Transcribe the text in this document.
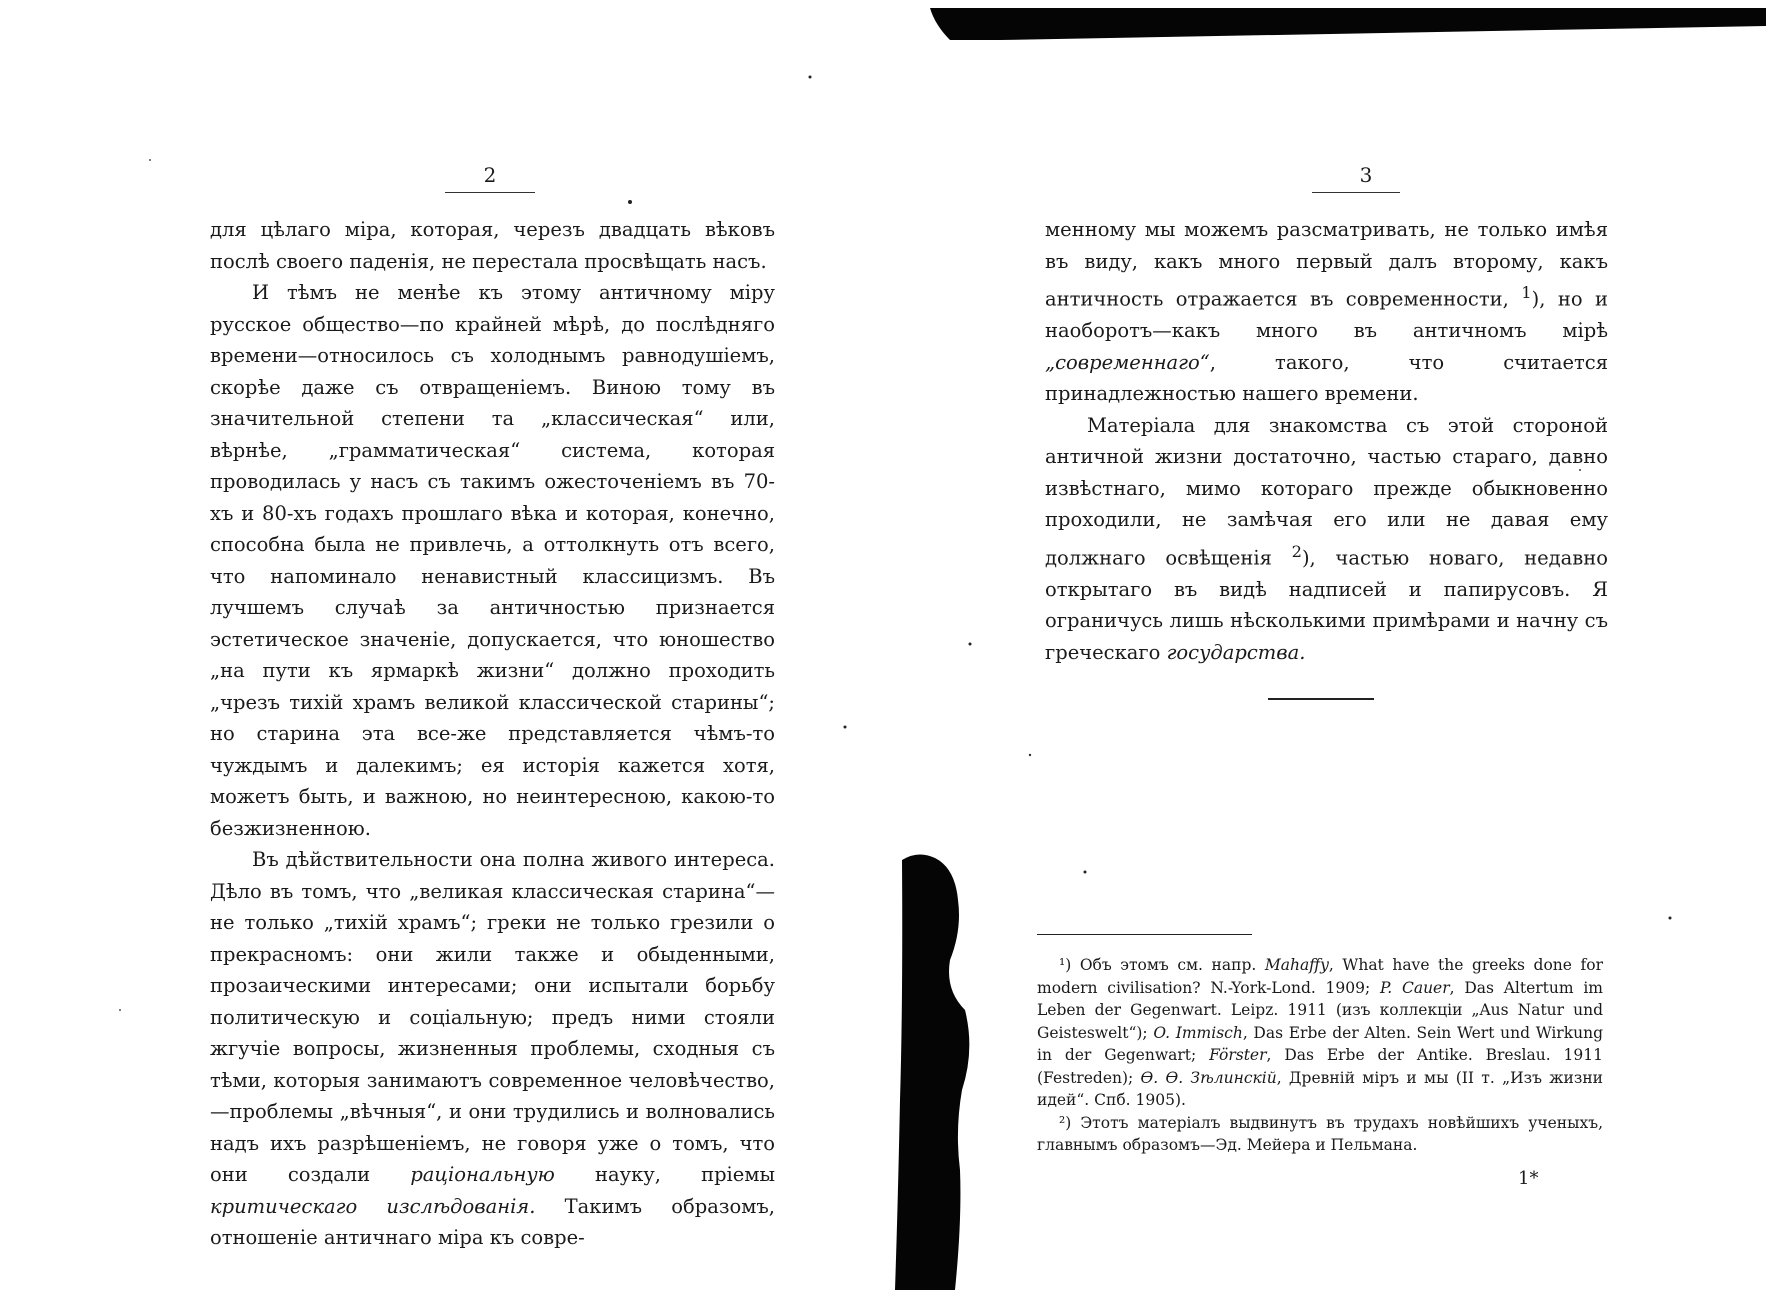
2

для цѣлаго міра, которая, черезъ двадцать вѣковъ послѣ своего паденія, не перестала просвѣщать насъ.

И тѣмъ не менѣе къ этому античному міру русское общество—по крайней мѣрѣ, до послѣдняго времени—относилось съ холоднымъ равнодушіемъ, скорѣе даже съ отвращеніемъ. Виною тому въ значительной степени та „классическая“ или, вѣрнѣе, „грамматическая“ система, которая проводилась у насъ съ такимъ ожесточеніемъ въ 70-хъ и 80-хъ годахъ прошлаго вѣка и которая, конечно, способна была не привлечь, а оттолкнуть отъ всего, что напоминало ненавистный классицизмъ. Въ лучшемъ случаѣ за античностью признается эстетическое значеніе, допускается, что юношество „на пути къ ярмаркѣ жизни“ должно проходить „чрезъ тихій храмъ великой классической старины“; но старина эта все-же представляется чѣмъ-то чуждымъ и далекимъ; ея исторія кажется хотя, можетъ быть, и важною, но неинтересною, какою-то безжизненною.

Въ дѣйствительности она полна живого интереса. Дѣло въ томъ, что „великая классическая старина“— не только „тихій храмъ“; греки не только грезили о прекрасномъ: они жили также и обыденными, прозаическими интересами; они испытали борьбу политическую и соціальную; предъ ними стояли жгучіе вопросы, жизненныя проблемы, сходныя съ тѣми, которыя занимаютъ современное человѣчество,—проблемы „вѣчныя“, и они трудились и волновались надъ ихъ разрѣшеніемъ, не говоря уже о томъ, что они создали раціональную науку, пріемы критическаго изслѣдованія. Такимъ образомъ, отношеніе античнаго міра къ совре-

3

менному мы можемъ разсматривать, не только имѣя въ виду, какъ много первый далъ второму, какъ античность отражается въ современности, $^1$), но и наоборотъ—какъ много въ античномъ мірѣ „современнаго“, такого, что считается принадлежностью нашего времени.

Матеріала для знакомства съ этой стороной античной жизни достаточно, частью стараго, давно извѣстнаго, мимо котораго прежде обыкновенно проходили, не замѣчая его или не давая ему должнаго освѣщенія $^2$), частью новаго, недавно открытаго въ видѣ надписей и папирусовъ. Я ограничусь лишь нѣсколькими примѣрами и начну съ греческаго государства.

¹) Объ этомъ см. напр. Mahaffy, What have the greeks done for modern civilisation? N.-York-Lond. 1909; P. Cauer, Das Altertum im Leben der Gegenwart. Leipz. 1911 (изъ коллекціи „Aus Natur und Geisteswelt“); O. Immisch, Das Erbe der Alten. Sein Wert und Wirkung in der Gegenwart; Förster, Das Erbe der Antike. Breslau. 1911 (Festreden); Ѳ. Ѳ. Зѣлинскій, Древній міръ и мы (II т. „Изъ жизни идей“. Спб. 1905).

²) Этотъ матеріалъ выдвинутъ въ трудахъ новѣйшихъ ученыхъ, главнымъ образомъ—Эд. Мейера и Пельмана.

1*
